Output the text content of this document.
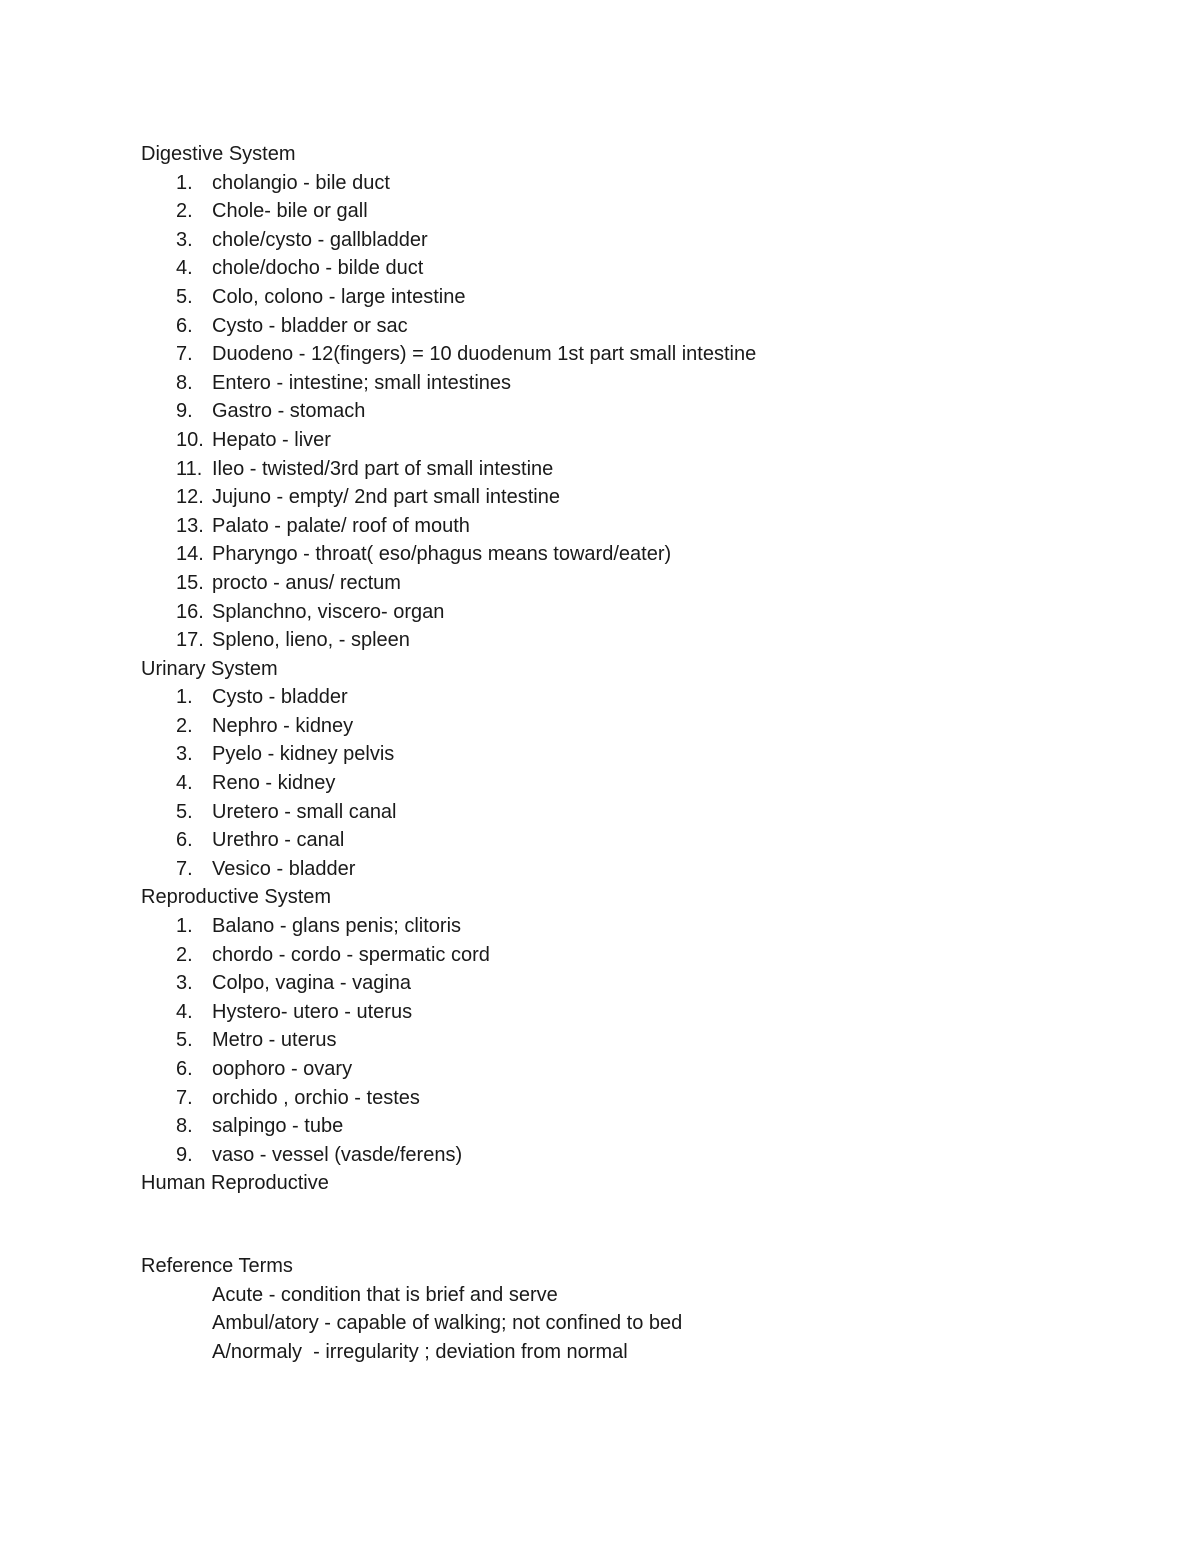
Digestive System
1. cholangio - bile duct
2. Chole- bile or gall
3. chole/cysto - gallbladder
4. chole/docho - bilde duct
5. Colo, colono - large intestine
6. Cysto - bladder or sac
7. Duodeno - 12(fingers) = 10 duodenum 1st part small intestine
8. Entero - intestine; small intestines
9. Gastro - stomach
10. Hepato - liver
11. Ileo - twisted/3rd part of small intestine
12. Jujuno - empty/ 2nd part small intestine
13. Palato - palate/ roof of mouth
14. Pharyngo - throat( eso/phagus means toward/eater)
15. procto - anus/ rectum
16. Splanchno, viscero- organ
17. Spleno, lieno, - spleen
Urinary System
1. Cysto - bladder
2. Nephro - kidney
3. Pyelo - kidney pelvis
4. Reno - kidney
5. Uretero - small canal
6. Urethro - canal
7. Vesico - bladder
Reproductive System
1. Balano - glans penis; clitoris
2. chordo - cordo - spermatic cord
3. Colpo, vagina - vagina
4. Hystero- utero - uterus
5. Metro - uterus
6. oophoro - ovary
7. orchido , orchio - testes
8. salpingo - tube
9. vaso - vessel (vasde/ferens)
Human Reproductive
Reference Terms
Acute - condition that is brief and serve
Ambul/atory - capable of walking; not confined to bed
A/normaly  - irregularity ; deviation from normal
